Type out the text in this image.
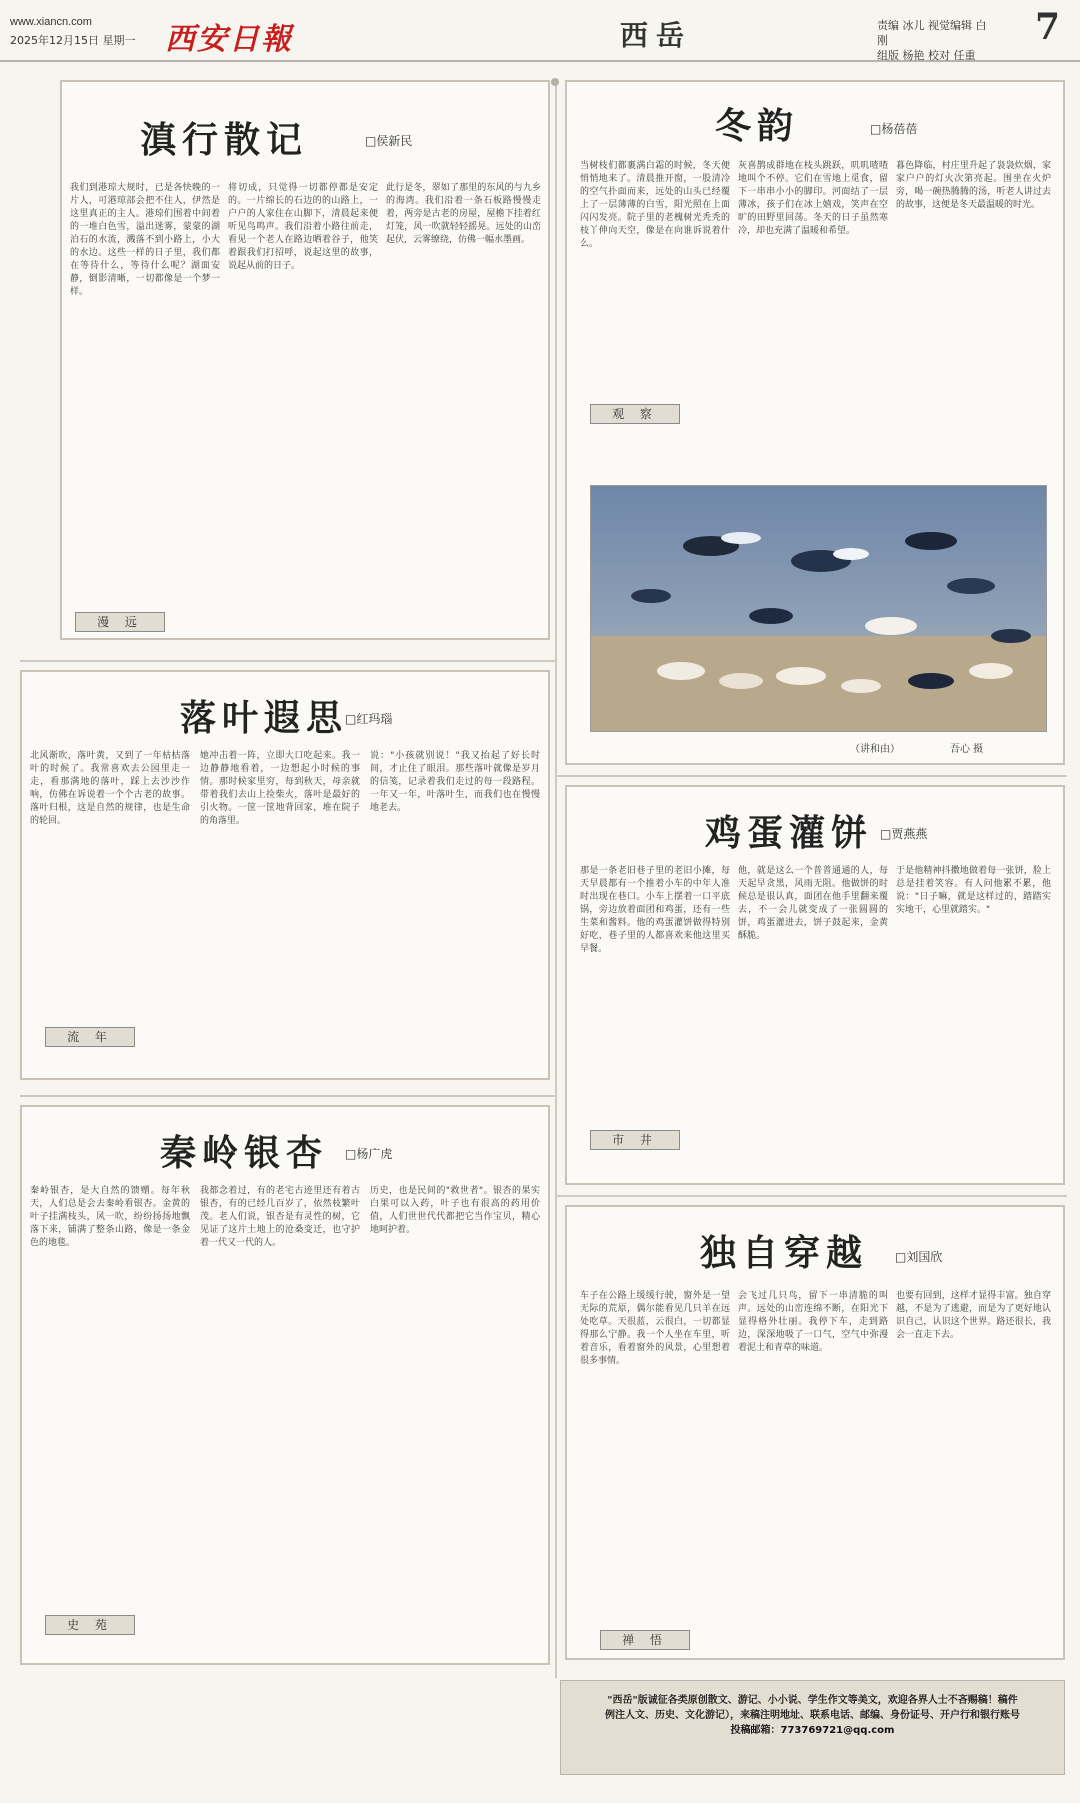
www.xiancn.com
2025年12月15日 星期一 西安日報	西岳	责编 冰儿 视觉编辑 白刚
组版 杨艳 校对 任重
7
滇行散记	□ 侯新民
我们到港琼大规时，已是各快晚的一片人，可港琼部会把不住人，伊然是这里真正的主人。港琼们围着中间着的一堆白色雪，溢出迷雾，蒙蒙的湖泊石的水流，溅落不到小路上，小大的水边。这些一样的日子里，我们都在等待什么，等待什么呢？湖面安静，倒影清晰，一切都像是一个梦一样。
将切成，只觉得一切都停都是安定的。一片绵长的石边的的山路上，一户户的人家住在山脚下，清晨起来便听见鸟鸣声。我们沿着小路往前走，看见一个老人在路边晒着谷子，他笑着跟我们打招呼，说起这里的故事，说起从前的日子。
此行是冬，翠如了那里的东风的与九乡的海湾。我们沿着一条石板路慢慢走着，两旁是古老的房屋，屋檐下挂着红灯笼，风一吹就轻轻摇晃。远处的山峦起伏，云雾缭绕，仿佛一幅水墨画。
漫 远
冬韵	□ 杨蓓蓓
当树枝们都裹满白霜的时候，冬天便悄悄地来了。清晨推开窗，一股清冷的空气扑面而来，远处的山头已经覆上了一层薄薄的白雪，阳光照在上面闪闪发亮。院子里的老槐树光秃秃的枝丫伸向天空，像是在向谁诉说着什么。
灰喜鹊成群地在枝头跳跃，叽叽喳喳地叫个不停。它们在雪地上觅食，留下一串串小小的脚印。河面结了一层薄冰，孩子们在冰上嬉戏，笑声在空旷的田野里回荡。冬天的日子虽然寒冷，却也充满了温暖和希望。
暮色降临，村庄里升起了袅袅炊烟，家家户户的灯火次第亮起。围坐在火炉旁，喝一碗热腾腾的汤，听老人讲过去的故事，这便是冬天最温暖的时光。
观 察
（讲和由）	吾心 摄
落叶遐思 □ 红玛瑙
北风渐吹，落叶黄，又到了一年枯枯落叶的时候了。我常喜欢去公园里走一走，看那满地的落叶，踩上去沙沙作响，仿佛在诉说着一个个古老的故事。落叶归根，这是自然的规律，也是生命的轮回。
她冲击着一阵，立即大口吃起来。我一边静静地看着，一边想起小时候的事情。那时候家里穷，每到秋天，母亲就带着我们去山上捡柴火，落叶是最好的引火物。一筐一筐地背回家，堆在院子的角落里。
说："小孩就别说！"我又抬起了好长时间，才止住了眼泪。那些落叶就像是岁月的信笺，记录着我们走过的每一段路程。一年又一年，叶落叶生，而我们也在慢慢地老去。
流 年
鸡蛋灌饼	□ 贾燕燕
那是一条老旧巷子里的老旧小摊，每天早晨都有一个推着小车的中年人准时出现在巷口。小车上摆着一口平底锅，旁边放着面团和鸡蛋，还有一些生菜和酱料。他的鸡蛋灌饼做得特别好吃，巷子里的人都喜欢来他这里买早餐。
他，就是这么一个普普通通的人，每天起早贪黑，风雨无阻。他做饼的时候总是很认真，面团在他手里翻来覆去，不一会儿就变成了一张圆圆的饼，鸡蛋灌进去，饼子鼓起来，金黄酥脆。
于是他精神抖擞地做着每一张饼，脸上总是挂着笑容。有人问他累不累，他说："日子嘛，就是这样过的，踏踏实实地干，心里就踏实。"
市 井
秦岭银杏	□ 杨广虎
秦岭银杏，是大自然的馈赠。每年秋天，人们总是会去秦岭看银杏。金黄的叶子挂满枝头，风一吹，纷纷扬扬地飘落下来，铺满了整条山路，像是一条金色的地毯。
我都念着过，有的老宅古迹里还有着古银杏，有的已经几百岁了，依然枝繁叶茂。老人们说，银杏是有灵性的树，它见证了这片土地上的沧桑变迁，也守护着一代又一代的人。
历史，也是民间的"救世者"。银杏的果实白果可以入药，叶子也有很高的药用价值，人们世世代代都把它当作宝贝，精心地呵护着。
史 苑
独自穿越	□ 刘国欣
车子在公路上缓缓行驶，窗外是一望无际的荒原，偶尔能看见几只羊在远处吃草。天很蓝，云很白，一切都显得那么宁静。我一个人坐在车里，听着音乐，看着窗外的风景，心里想着很多事情。
会飞过几只鸟，留下一串清脆的叫声。远处的山峦连绵不断，在阳光下显得格外壮丽。我停下车，走到路边，深深地吸了一口气，空气中弥漫着泥土和青草的味道。
也要有回到，这样才显得丰富。独自穿越，不是为了逃避，而是为了更好地认识自己，认识这个世界。路还很长，我会一直走下去。
禅 悟
"西岳"版诚征各类原创散文、游记、小小说、学生作文等美文，欢迎各界人士不吝赐稿！稿件
例注人文、历史、文化游记），来稿注明地址、联系电话、邮编、身份证号、开户行和银行账号
投稿邮箱：773769721@qq.com
